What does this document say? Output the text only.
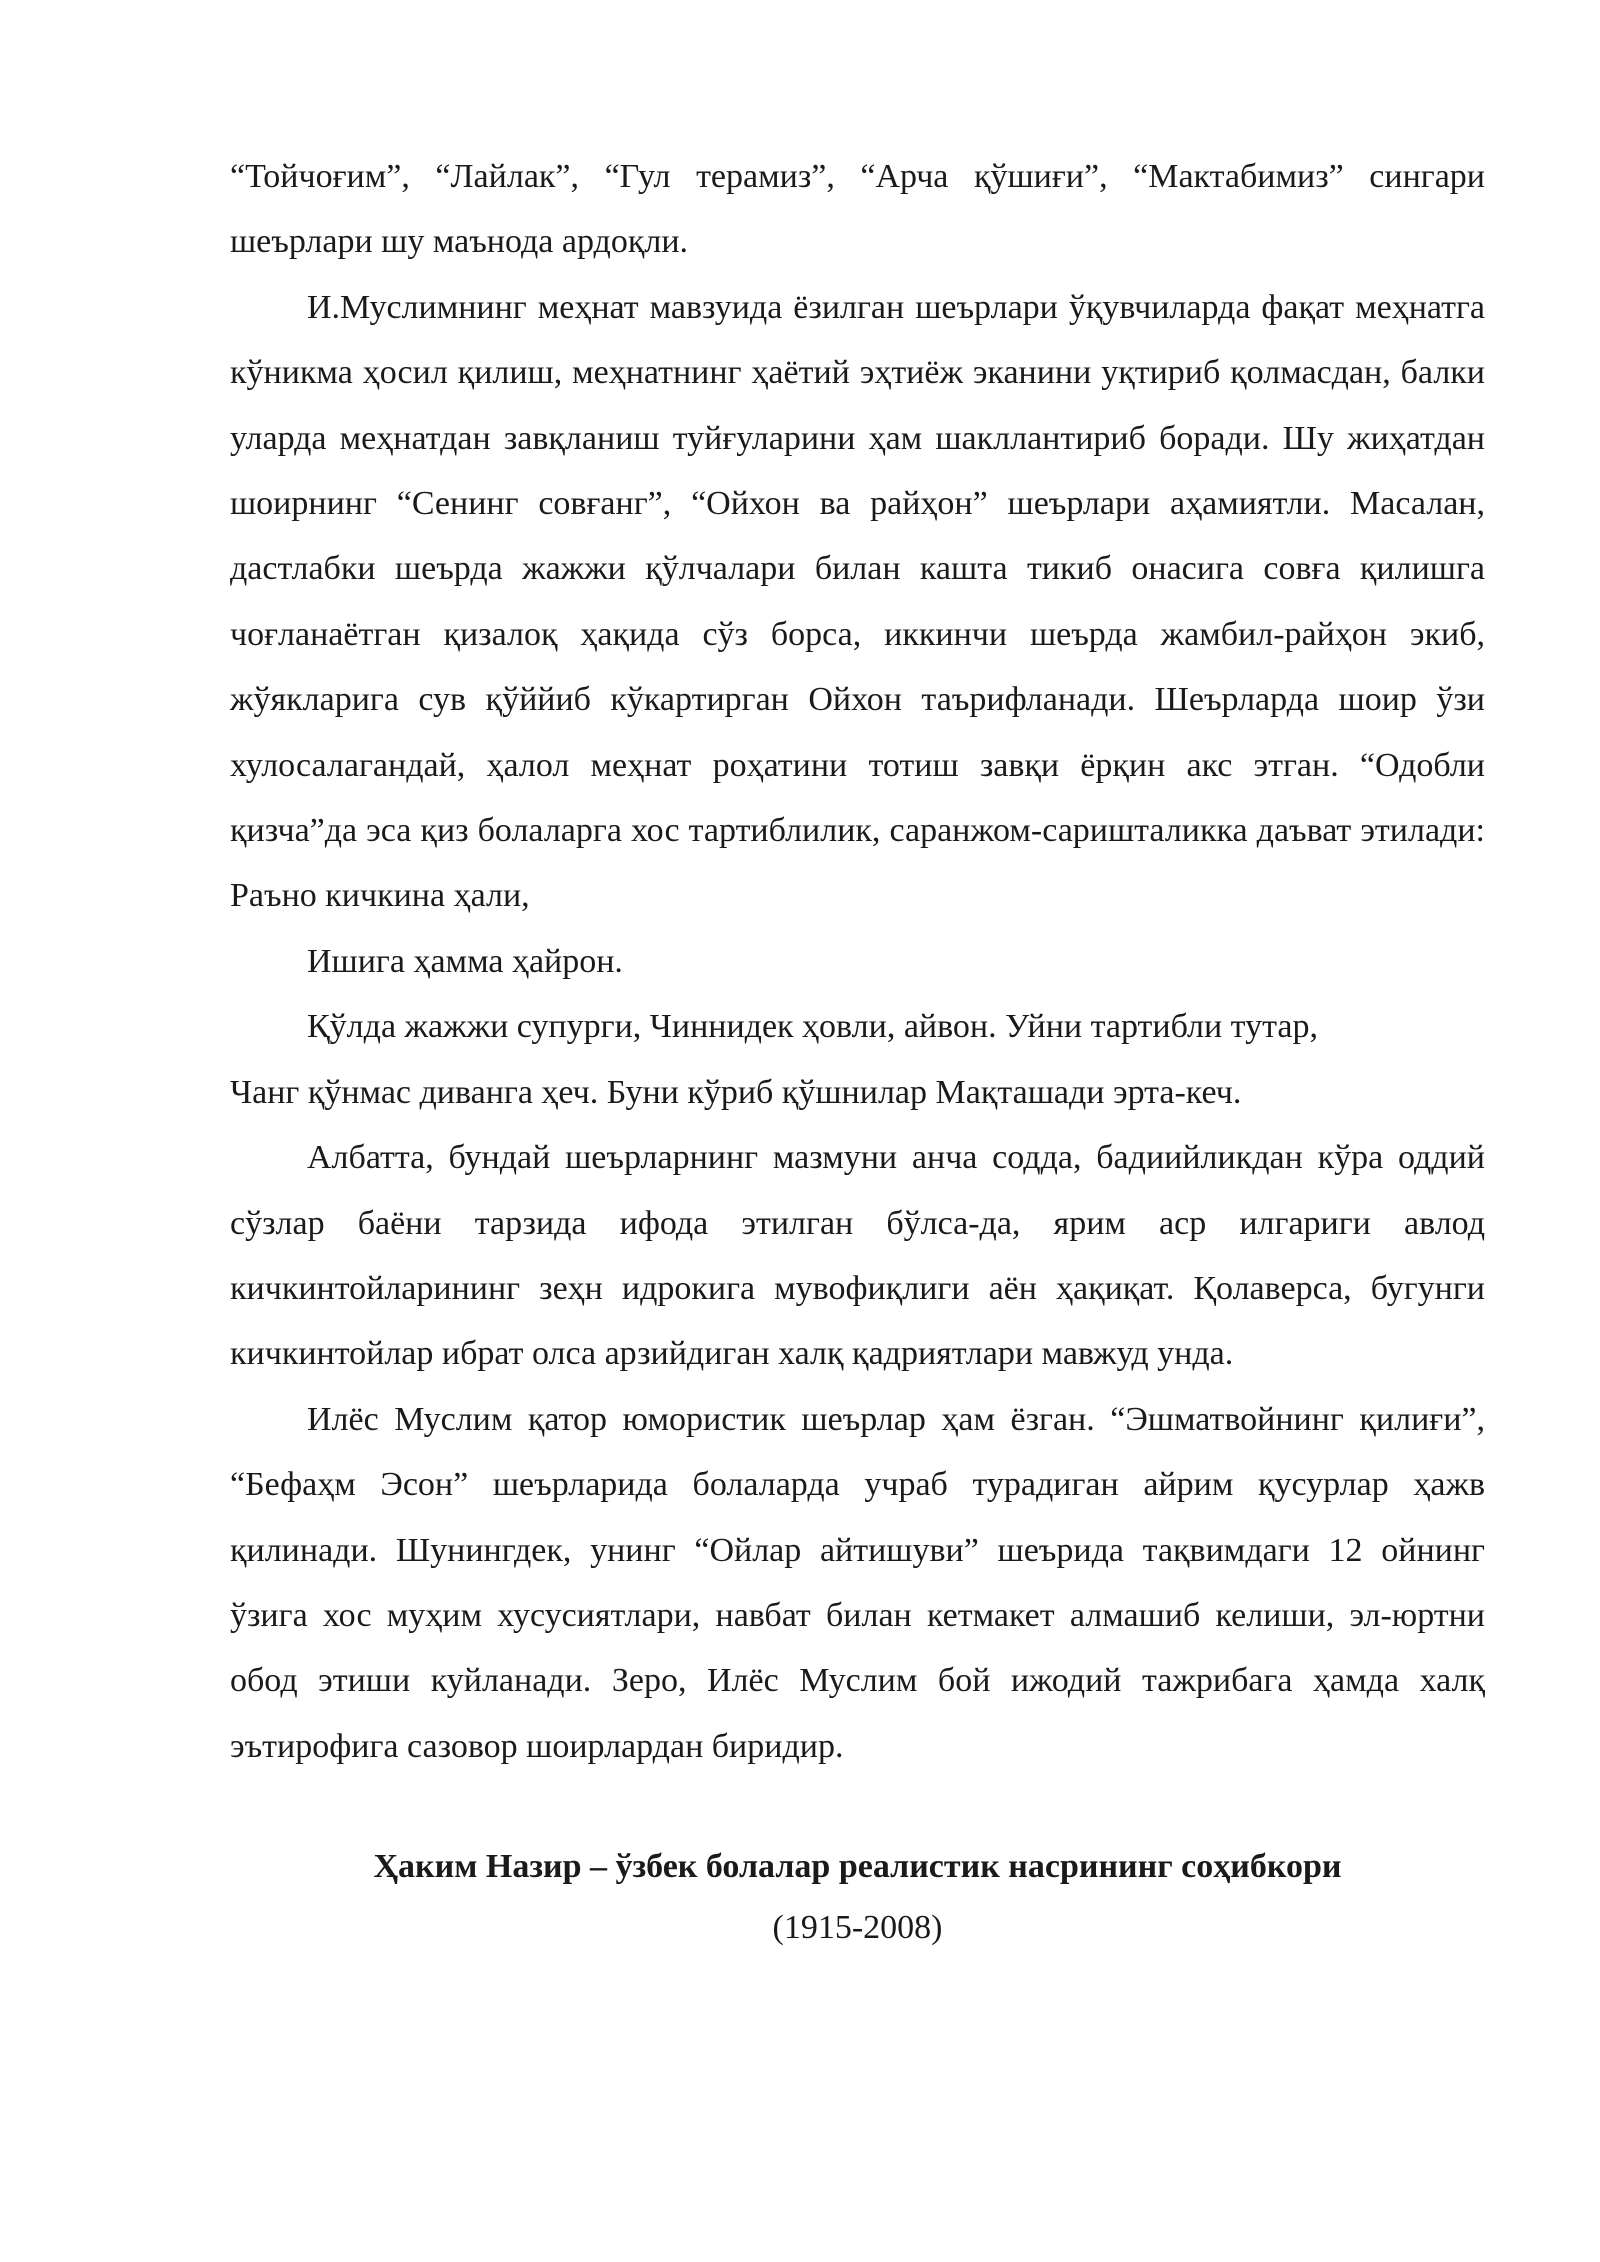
“Тойчоғим”, “Лайлак”, “Гул терамиз”, “Арча қўшиғи”, “Мактабимиз” сингари шеърлари шу маънода ардоқли.

И.Муслимнинг меҳнат мавзуида ёзилган шеърлари ўқувчиларда фақат меҳнатга кўникма ҳосил қилиш, меҳнатнинг ҳаётий эҳтиёж эканини уқтириб қолмасдан, балки уларда меҳнатдан завқланиш туйғуларини ҳам шакллантириб боради. Шу жиҳатдан шоирнинг “Сенинг совғанг”, “Ойхон ва райҳон” шеърлари аҳамиятли. Масалан, дастлабки шеърда жажжи қўлчалари билан кашта тикиб онасига совға қилишга чоғланаётган қизалоқ ҳақида сўз борса, иккинчи шеърда жамбил-райҳон экиб, жўякларига сув қўййиб кўкартирган Ойхон таърифланади. Шеърларда шоир ўзи хулосалагандай, ҳалол меҳнат роҳатини тотиш завқи ёрқин акс этган. “Одобли қизча”да эса қиз болаларга хос тартиблилик, саранжом-саришталикка даъват этилади:

Раъно кичкина ҳали,

Ишига ҳамма ҳайрон.

Қўлда жажжи супурги, Чиннидек ҳовли, айвон. Уйни тартибли тутар,

Чанг қўнмас диванга ҳеч. Буни кўриб қўшнилар Мақташади эрта-кеч.

Албатта, бундай шеърларнинг мазмуни анча содда, бадиийликдан кўра оддий сўзлар баёни тарзида ифода этилган бўлса-да, ярим аср илгариги авлод кичкинтойларининг зеҳн идрокига мувофиқлиги аён ҳақиқат. Қолаверса, бугунги кичкинтойлар ибрат олса арзийдиган халқ қадриятлари мавжуд унда.

Илёс Муслим қатор юмористик шеърлар ҳам ёзган. “Эшматвойнинг қилиғи”, “Бефаҳм Эсон” шеърларида болаларда учраб турадиган айрим қусурлар ҳажв қилинади. Шунингдек, унинг “Ойлар айтишуви” шеърида тақвимдаги 12 ойнинг ўзига хос муҳим хусусиятлари, навбат билан кетмакет алмашиб келиши, эл-юртни обод этиши куйланади. Зеро, Илёс Муслим бой ижодий тажрибага ҳамда халқ эътирофига сазовор шоирлардан биридир.

Ҳаким Назир – ўзбек болалар реалистик насрининг соҳибкори

(1915-2008)
